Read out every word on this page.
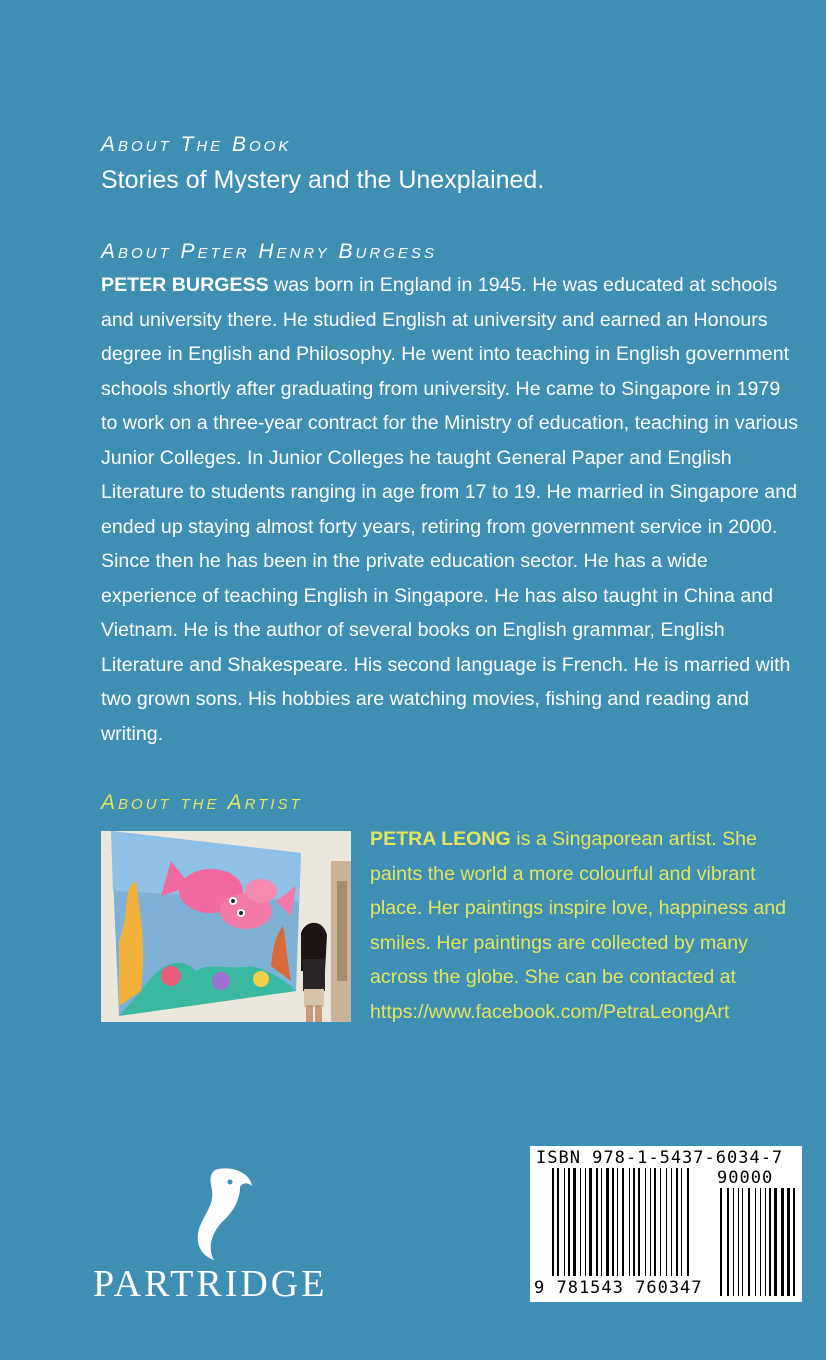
About The Book
Stories of Mystery and the Unexplained.
About Peter Henry Burgess

PETER BURGESS was born in England in 1945. He was educated at schools and university there. He studied English at university and earned an Honours degree in English and Philosophy. He went into teaching in English government schools shortly after graduating from university. He came to Singapore in 1979 to work on a three-year contract for the Ministry of education, teaching in various Junior Colleges. In Junior Colleges he taught General Paper and English Literature to students ranging in age from 17 to 19. He married in Singapore and ended up staying almost forty years, retiring from government service in 2000. Since then he has been in the private education sector. He has a wide experience of teaching English in Singapore. He has also taught in China and Vietnam. He is the author of several books on English grammar, English Literature and Shakespeare. His second language is French. He is married with two grown sons. His hobbies are watching movies, fishing and reading and writing.

About the Artist

PETRA LEONG is a Singaporean artist. She paints the world a more colourful and vibrant place. Her paintings inspire love, happiness and smiles. Her paintings are collected by many across the globe. She can be contacted at https://www.facebook.com/PetraLeongArt

PARTRIDGE
ISBN 978-1-5437-6034-7
90000
9 781543 760347
